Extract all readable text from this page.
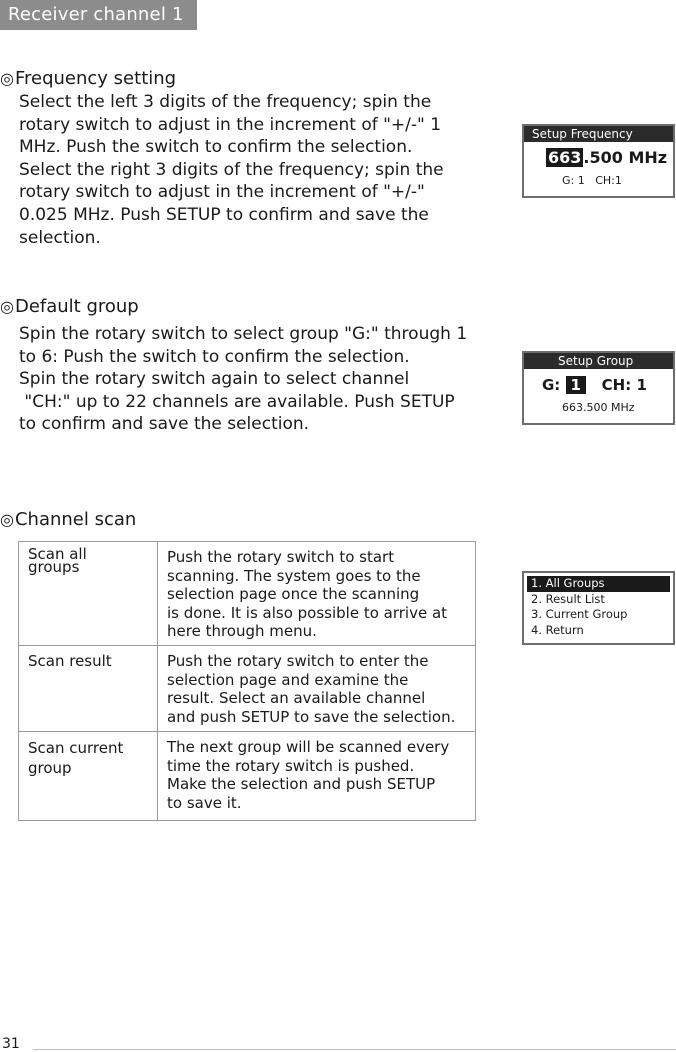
Receiver channel 1
◎Frequency setting
Select the left 3 digits of the frequency; spin the
rotary switch to adjust in the increment of "+/-" 1
MHz. Push the switch to confirm the selection.
Select the right 3 digits of the frequency; spin the
rotary switch to adjust in the increment of "+/-"
0.025 MHz. Push SETUP to confirm and save the
selection.
Setup Frequency
663 .500 MHz
G: 1   CH:1
◎Default group
Spin the rotary switch to select group "G:" through 1
to 6: Push the switch to confirm the selection.
Spin the rotary switch again to select channel
"CH:" up to 22 channels are available. Push SETUP
to confirm and save the selection.
Setup Group
G: 1 CH: 1
663.500 MHz
◎Channel scan
1. All Groups
2. Result List
3. Current Group
4. Return
Scan all
groups	Push the rotary switch to start
scanning. The system goes to the
selection page once the scanning
is done. It is also possible to arrive at
here through menu.

Scan result	Push the rotary switch to enter the
selection page and examine the
result. Select an available channel
and push SETUP to save the selection.

Scan current
group	The next group will be scanned every
time the rotary switch is pushed.
Make the selection and push SETUP
to save it.
31
